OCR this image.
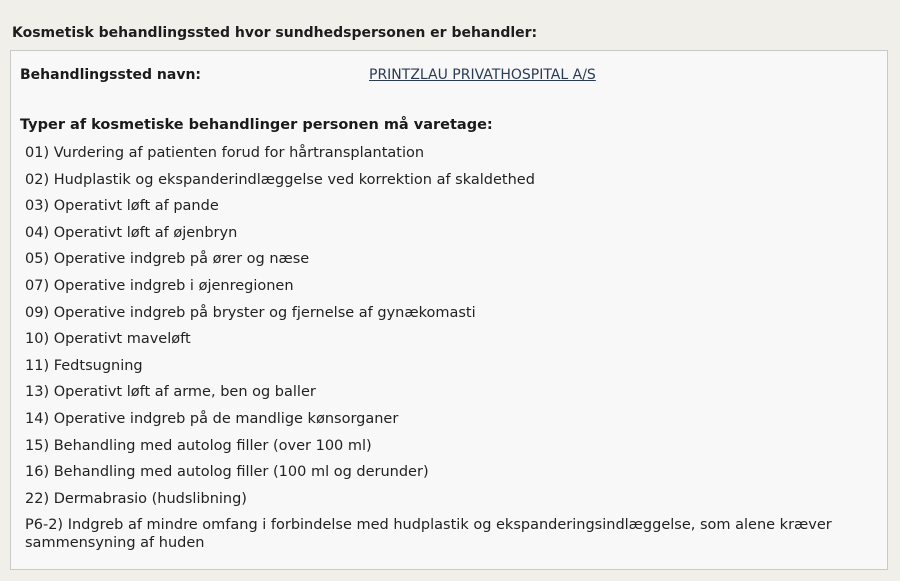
Kosmetisk behandlingssted hvor sundhedspersonen er behandler:
Behandlingssted navn:	PRINTZLAU PRIVATHOSPITAL A/S
Typer af kosmetiske behandlinger personen må varetage:
01) Vurdering af patienten forud for hårtransplantation
02) Hudplastik og ekspanderindlæggelse ved korrektion af skaldethed
03) Operativt løft af pande
04) Operativt løft af øjenbryn
05) Operative indgreb på ører og næse
07) Operative indgreb i øjenregionen
09) Operative indgreb på bryster og fjernelse af gynækomasti
10) Operativt maveløft
11) Fedtsugning
13) Operativt løft af arme, ben og baller
14) Operative indgreb på de mandlige kønsorganer
15) Behandling med autolog filler (over 100 ml)
16) Behandling med autolog filler (100 ml og derunder)
22) Dermabrasio (hudslibning)
P6-2) Indgreb af mindre omfang i forbindelse med hudplastik og ekspanderingsindlæggelse, som alene kræver sammensyning af huden
